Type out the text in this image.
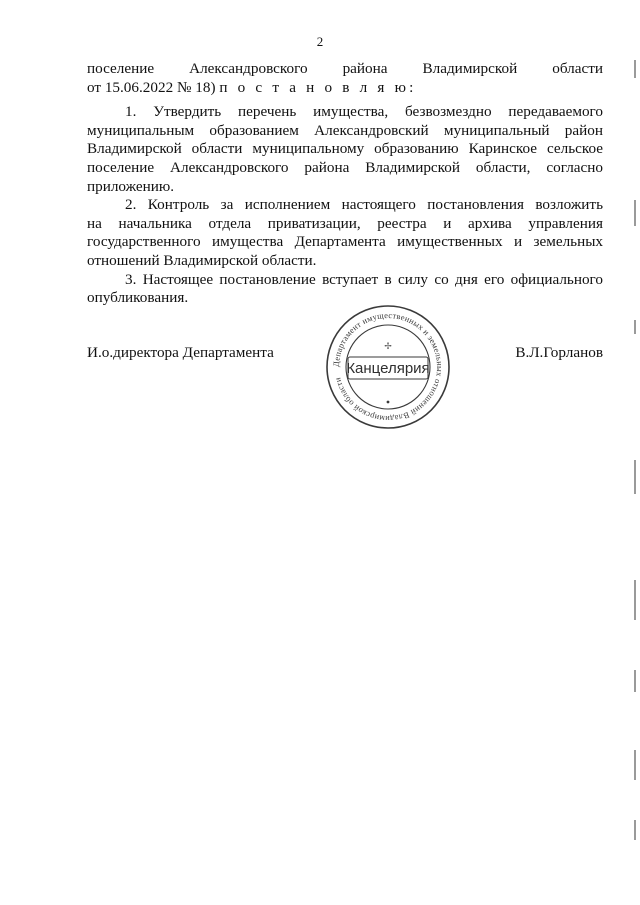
2
поселение Александровского района Владимирской области
от 15.06.2022 № 18) п о с т а н о в л я ю:
1. Утвердить перечень имущества, безвозмездно передаваемого
муниципальным образованием Александровский муниципальный район
Владимирской области муниципальному образованию Каринское сельское
поселение Александровского района Владимирской области, согласно
приложению.
2. Контроль за исполнением настоящего постановления возложить
на начальника отдела приватизации, реестра и архива управления
государственного имущества Департамента имущественных и земельных
отношений Владимирской области.
3. Настоящее постановление вступает в силу со дня его официального
опубликования.
И.о.директора Департамента	В.Л.Горланов
Департамент имущественных и земельных отношений Владимирской области
Канцелярия
✢
